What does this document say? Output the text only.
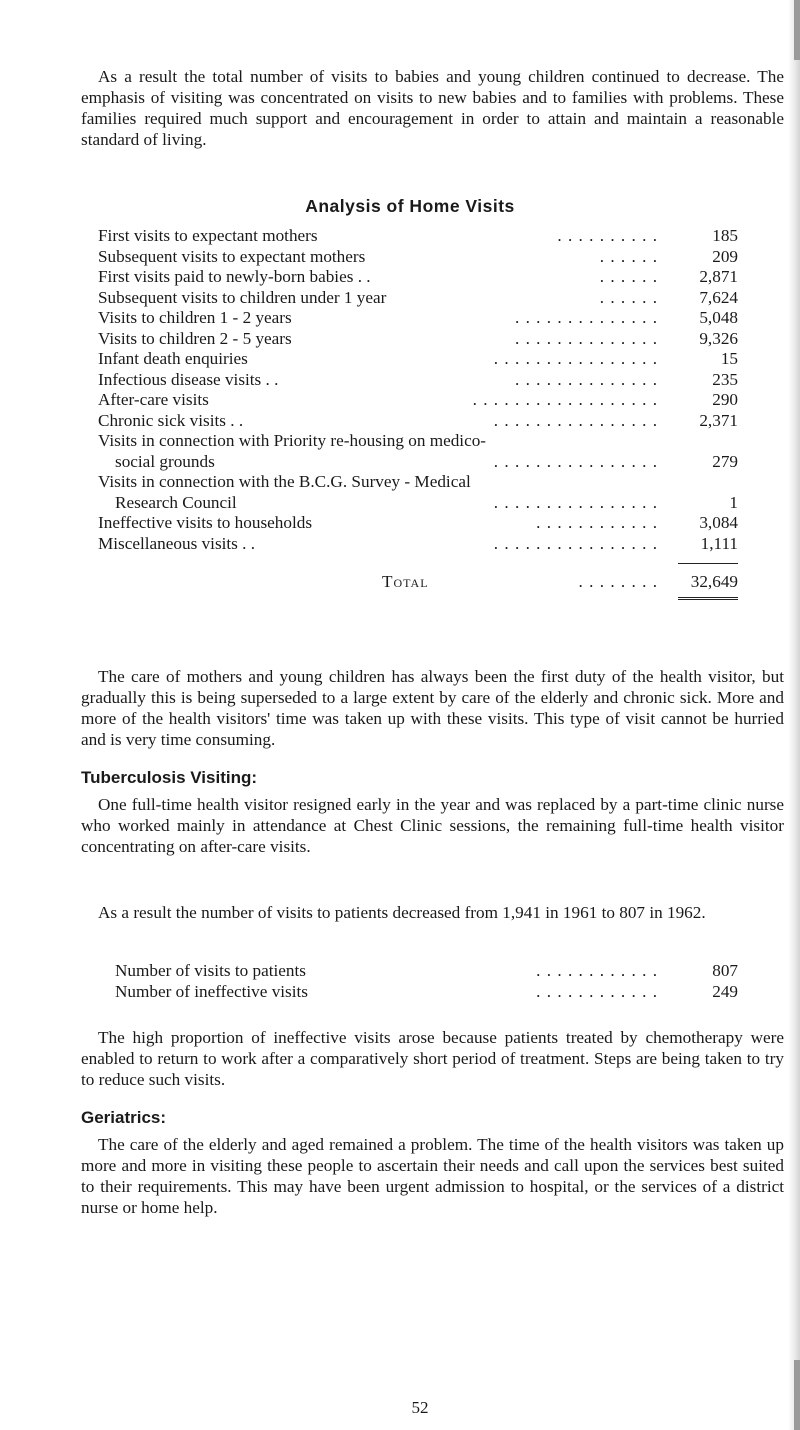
As a result the total number of visits to babies and young children continued to decrease. The emphasis of visiting was concentrated on visits to new babies and to families with problems. These families required much support and encouragement in order to attain and maintain a reasonable standard of living.

Analysis of Home Visits
First visits to expectant mothers	. . . . . . . . . .	185
Subsequent visits to expectant mothers	. . . . . .	209
First visits paid to newly-born babies . .	. . . . . . 2,871
Subsequent visits to children under 1 year	. . . . . . 7,624
Visits to children 1 - 2 years	. . . . . . . . . . . . . . 5,048
Visits to children 2 - 5 years	. . . . . . . . . . . . . . 9,326
Infant death enquiries	. . . . . . . . . . . . . . . .	15
Infectious disease visits . .	. . . . . . . . . . . . . .	235
After-care visits	. . . . . . . . . . . . . . . . . .	290
Chronic sick visits . .	. . . . . . . . . . . . . . . . 2,371
Visits in connection with Priority re-housing on medico-
social grounds	. . . . . . . . . . . . . . . .	279
Visits in connection with the B.C.G. Survey - Medical
Research Council	. . . . . . . . . . . . . . . .	1
Ineffective visits to households	. . . . . . . . . . . . 3,084
Miscellaneous visits . .	. . . . . . . . . . . . . . . . 1,111
Total	. . . . . . . . 32,649

The care of mothers and young children has always been the first duty of the health visitor, but gradually this is being superseded to a large extent by care of the elderly and chronic sick. More and more of the health visitors' time was taken up with these visits. This type of visit cannot be hurried and is very time consuming.

Tuberculosis Visiting:

One full-time health visitor resigned early in the year and was replaced by a part-time clinic nurse who worked mainly in attendance at Chest Clinic sessions, the remaining full-time health visitor concentrating on after-care visits.

As a result the number of visits to patients decreased from 1,941 in 1961 to 807 in 1962.

Number of visits to patients	. . . . . . . . . . . .	807
Number of ineffective visits	. . . . . . . . . . . .	249

The high proportion of ineffective visits arose because patients treated by chemotherapy were enabled to return to work after a comparatively short period of treatment. Steps are being taken to try to reduce such visits.

Geriatrics:

The care of the elderly and aged remained a problem. The time of the health visitors was taken up more and more in visiting these people to ascertain their needs and call upon the services best suited to their requirements. This may have been urgent admission to hospital, or the services of a district nurse or home help.

52
